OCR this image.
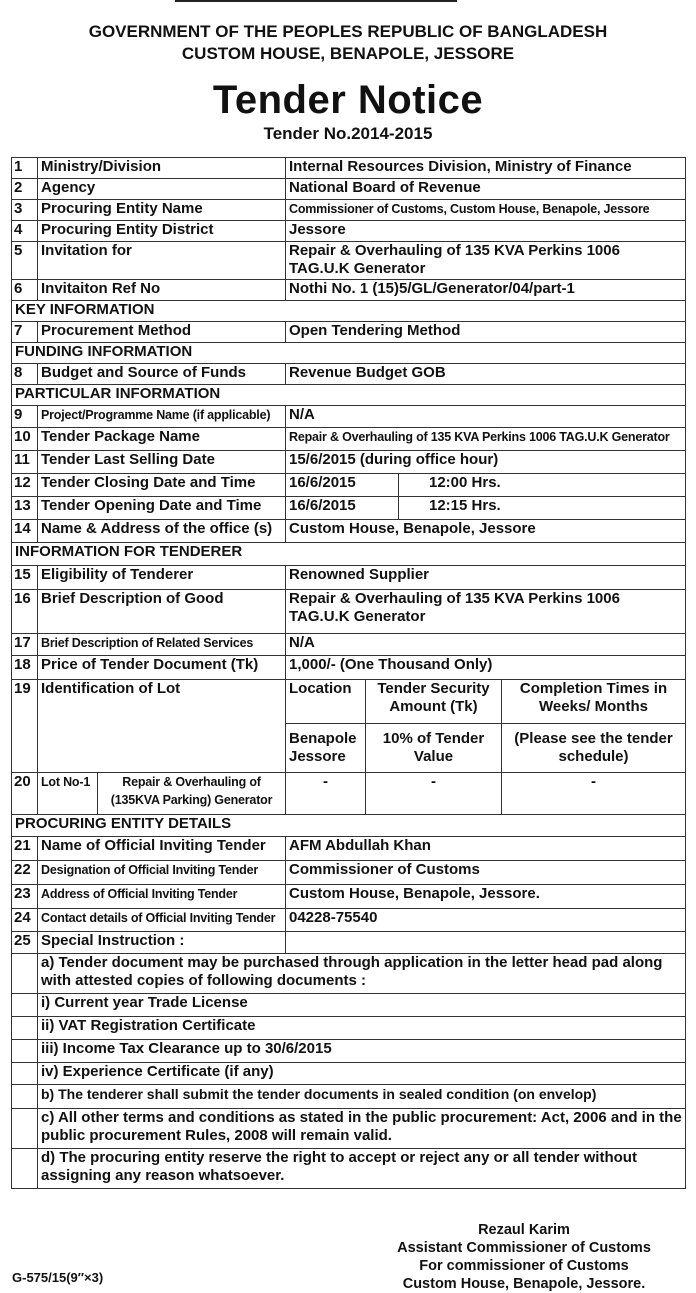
GOVERNMENT OF THE PEOPLES REPUBLIC OF BANGLADESH
CUSTOM HOUSE, BENAPOLE, JESSORE
Tender Notice
Tender No.2014-2015
1	Ministry/Division		Internal Resources Division, Ministry of Finance			
2	Agency		National Board of Revenue			
3	Procuring Entity Name		Commissioner of Customs, Custom House, Benapole, Jessore			
4	Procuring Entity District		Jessore			
5	Invitation for		Repair & Overhauling of 135 KVA Perkins 1006 TAG.U.K Generator			
6	Invitaiton Ref No		Nothi No. 1 (15)5/GL/Generator/04/part-1			
KEY INFORMATION						
7	Procurement Method		Open Tendering Method			
FUNDING INFORMATION						
8	Budget and Source of Funds		Revenue Budget GOB			
PARTICULAR INFORMATION						
9	Project/Programme Name (if applicable)		N/A			
10	Tender Package Name		Repair & Overhauling of 135 KVA Perkins 1006 TAG.U.K Generator			
11	Tender Last Selling Date		15/6/2015 (during office hour)			
12	Tender Closing Date and Time		16/6/2015		12:00 Hrs.	
13	Tender Opening Date and Time		16/6/2015		12:15 Hrs.	
14	Name & Address of the office (s)		Custom House, Benapole, Jessore			
INFORMATION FOR TENDERER						
15	Eligibility of Tenderer		Renowned Supplier			
16	Brief Description of Good		Repair & Overhauling of 135 KVA Perkins 1006 TAG.U.K Generator			
17	Brief Description of Related Services		N/A			
18	Price of Tender Document (Tk)		1,000/- (One Thousand Only)			
19	Identification of Lot		Location	Tender Security Amount (Tk)		Completion Times in Weeks/ Months
			Benapole Jessore	10% of Tender Value		(Please see the tender schedule)
20	Lot No-1	Repair & Overhauling of (135KVA Parking) Generator	-	-		-
PROCURING ENTITY DETAILS						
21	Name of Official Inviting Tender		AFM Abdullah Khan			
22	Designation of Official Inviting Tender		Commissioner of Customs			
23	Address of Official Inviting Tender		Custom House, Benapole, Jessore.			
24	Contact details of Official Inviting Tender		04228-75540			
25	Special Instruction :					
	a) Tender document may be purchased through application in the letter head pad along with attested copies of following documents :					
	i) Current year Trade License					
	ii) VAT Registration Certificate					
	iii) Income Tax Clearance up to 30/6/2015					
	iv) Experience Certificate (if any)					
	b) The tenderer shall submit the tender documents in sealed condition (on envelop)					
	c) All other terms and conditions as stated in the public procurement: Act, 2006 and in the public procurement Rules, 2008 will remain valid.					
	d) The procuring entity reserve the right to accept or reject any or all tender without assigning any reason whatsoever.					
Rezaul Karim
Assistant Commissioner of Customs
For commissioner of Customs
Custom House, Benapole, Jessore.
G-575/15(9′′×3)
